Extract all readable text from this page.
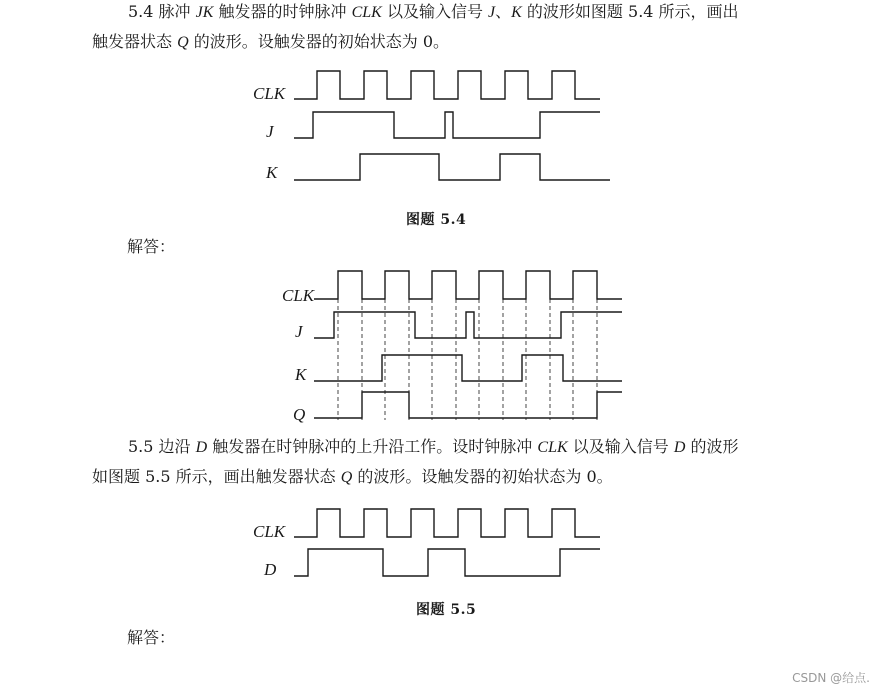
5.4 脉冲 JK 触发器的时钟脉冲 CLK 以及输入信号 J、K 的波形如图题 5.4 所示，画出
触发器状态 Q 的波形。设触发器的初始状态为 0。

CLK
J
K
图题 5.4
解答：
CLK
J
K
Q

5.5 边沿 D 触发器在时钟脉冲的上升沿工作。设时钟脉冲 CLK 以及输入信号 D 的波形
如图题 5.5 所示，画出触发器状态 Q 的波形。设触发器的初始状态为 0。

CLK
D
图题 5.5
解答：
CSDN @给点.
